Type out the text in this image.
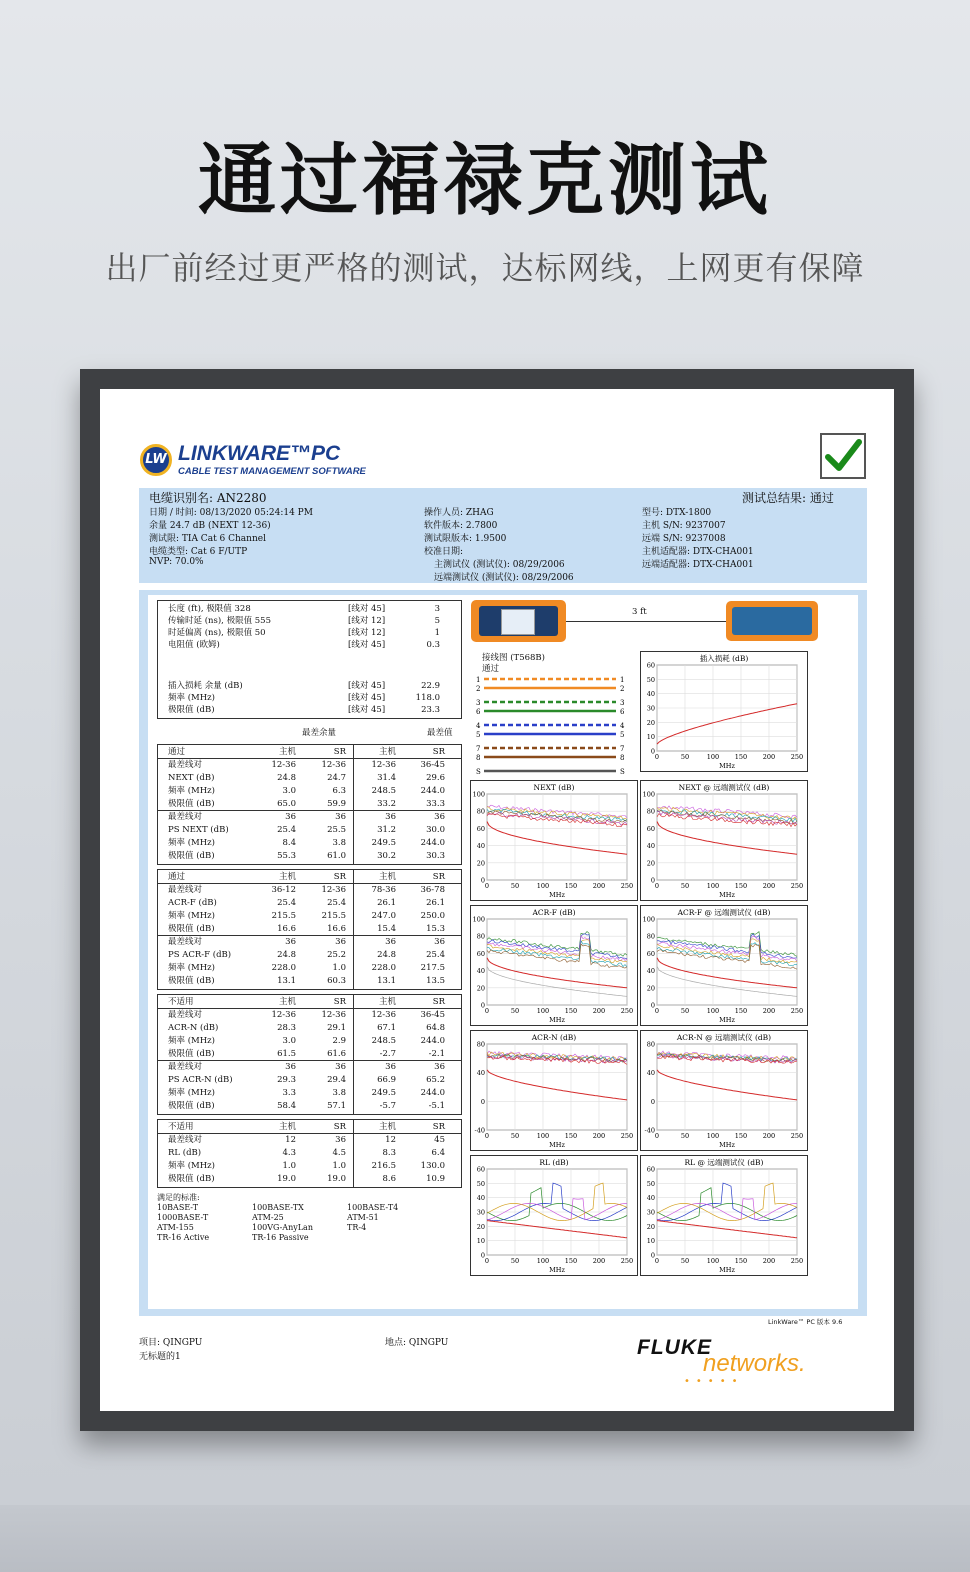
通过福禄克测试
出厂前经过更严格的测试，达标网线，上网更有保障
LW LINKWARE™PC
CABLE TEST MANAGEMENT SOFTWARE
电缆识别名: AN2280
日期 / 时间: 08/13/2020 05:24:14 PM
余量 24.7 dB (NEXT 12-36)
测试限: TIA Cat 6 Channel
电缆类型: Cat 6 F/UTP
NVP: 70.0%
操作人员: ZHAG
软件版本: 2.7800
测试限版本: 1.9500
校准日期:
主测试仪 (测试仪): 08/29/2006
远端测试仪 (测试仪): 08/29/2006
测试总结果: 通过
型号: DTX-1800
主机 S/N: 9237007
远端 S/N: 9237008
主机适配器: DTX-CHA001
远端适配器: DTX-CHA001
长度 (ft), 极限值 328	[线对 45]	3
传输时延 (ns), 极限值 555	[线对 12]	5
时延偏离 (ns), 极限值 50	[线对 12]	1
电阻值 (欧姆)	[线对 45]	0.3
插入损耗 余量 (dB)	[线对 45]	22.9
频率 (MHz)	[线对 45]	118.0
极限值 (dB)	[线对 45]	23.3
最差余量	最差值
通过	主机	SR	主机	SR
最差线对	12-36	12-36	12-36	36-45
NEXT (dB)	24.8	24.7	31.4	29.6
频率 (MHz)	3.0	6.3	248.5	244.0
极限值 (dB)	65.0	59.9	33.2	33.3
最差线对	36	36	36	36
PS NEXT (dB)	25.4	25.5	31.2	30.0
频率 (MHz)	8.4	3.8	249.5	244.0
极限值 (dB)	55.3	61.0	30.2	30.3
通过	主机	SR	主机	SR
最差线对	36-12	12-36	78-36	36-78
ACR-F (dB)	25.4	25.4	26.1	26.1
频率 (MHz)	215.5	215.5	247.0	250.0
极限值 (dB)	16.6	16.6	15.4	15.3
最差线对	36	36	36	36
PS ACR-F (dB)	24.8	25.2	24.8	25.4
频率 (MHz)	228.0	1.0	228.0	217.5
极限值 (dB)	13.1	60.3	13.1	13.5
不适用	主机	SR	主机	SR
最差线对	12-36	12-36	12-36	36-45
ACR-N (dB)	28.3	29.1	67.1	64.8
频率 (MHz)	3.0	2.9	248.5	244.0
极限值 (dB)	61.5	61.6	-2.7	-2.1
最差线对	36	36	36	36
PS ACR-N (dB)	29.3	29.4	66.9	65.2
频率 (MHz)	3.3	3.8	249.5	244.0
极限值 (dB)	58.4	57.1	-5.7	-5.1
不适用	主机	SR	主机	SR
最差线对	12	36	12	45
RL (dB)	4.3	4.5	8.3	6.4
频率 (MHz)	1.0	1.0	216.5	130.0
极限值 (dB)	19.0	19.0	8.6	10.9
满足的标准:
10BASE-T	100BASE-TX	100BASE-T4
1000BASE-T	ATM-25	ATM-51
ATM-155	100VG-AnyLan	TR-4
TR-16 Active	TR-16 Passive
3 ft
接线图 (T568B)
通过
1	1
2	2
3	3
6	6
4	4
5	5
7	7
8	8
S	S
插入损耗 (dB)
60
50
40
30
20
10
0
0	50	100 150 200 250
MHz
NEXT (dB)
100
80
60
40
20
0
0	50	100 150 200 250
MHz
NEXT @ 远端测试仪 (dB)
100
80
60
40
20
0
0	50	100 150 200 250
MHz
ACR-F (dB)
100
80
60
40
20
0
0	50	100 150 200 250
MHz
ACR-F @ 远端测试仪 (dB)
100
80
60
40
20
0
0	50	100 150 200 250
MHz
ACR-N (dB)
80
40
0
-40
0	50	100 150 200 250
MHz
ACR-N @ 远端测试仪 (dB)
80
40
0
-40
0	50	100 150 200 250
MHz
RL (dB)
60
50
40
30
20
10
0
0	50	100 150 200 250
MHz
RL @ 远端测试仪 (dB)
60
50
40
30
20
10
0
0	50	100 150 200 250
MHz
LinkWare™ PC 版本 9.6
项目: QINGPU
无标题的1
地点: QINGPU	FLUKE
networks.
•••••
